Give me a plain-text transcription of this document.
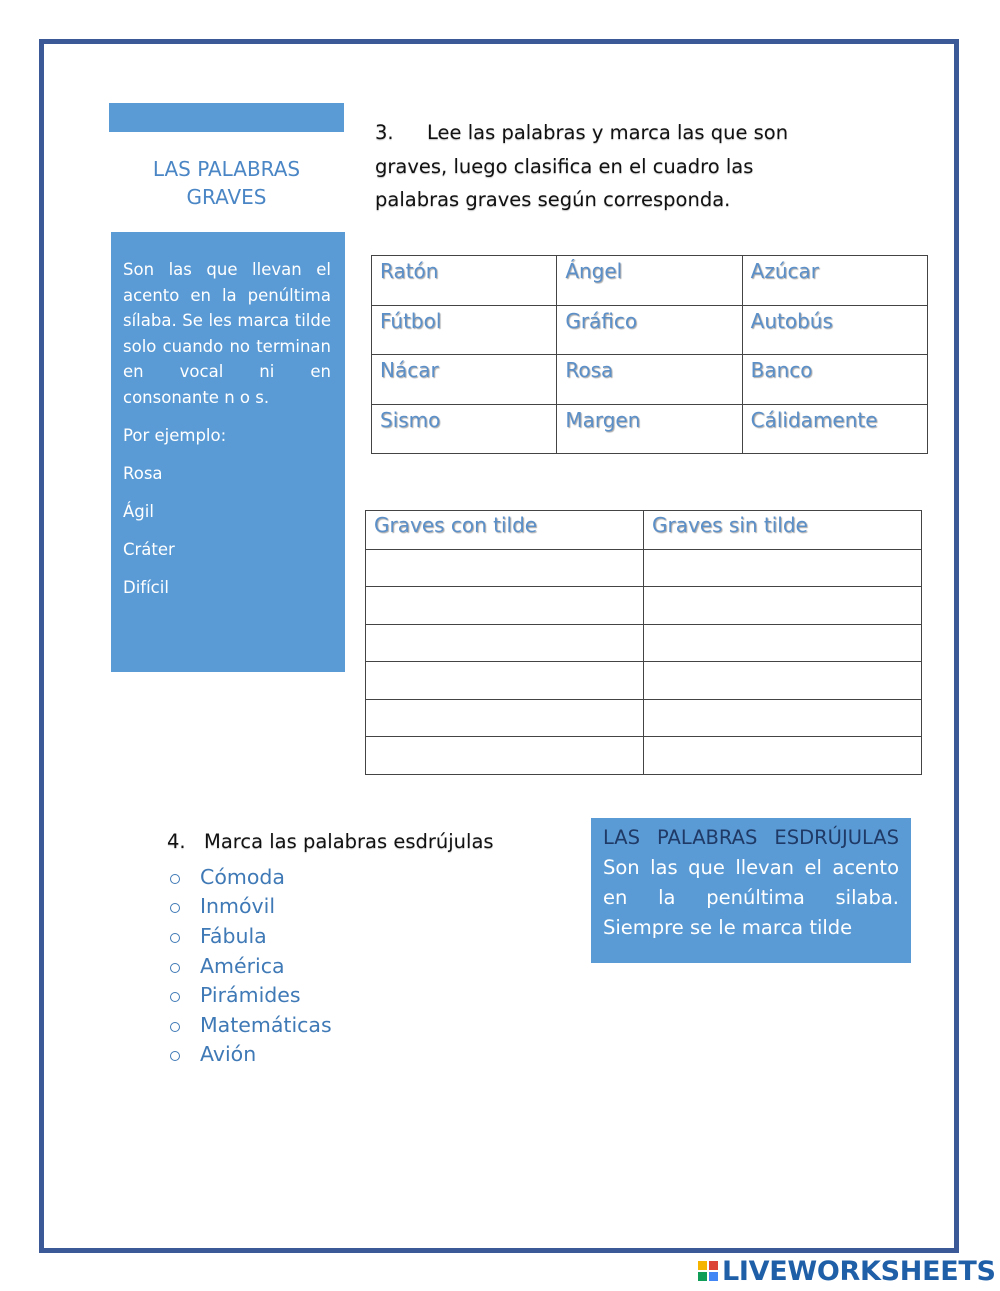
LAS PALABRAS
GRAVES

Son las que llevan el acento en la penúltima sílaba. Se les marca tilde solo cuando no terminan en vocal ni en consonante n o s.

Por ejemplo:

Rosa

Ágil

Cráter

Difícil

3. Lee las palabras y marca las que son
graves, luego clasifica en el cuadro las
palabras graves según corresponda.
Ratón	Ángel	Azúcar
Fútbol	Gráfico	Autobús
Nácar	Rosa	Banco
Sismo	Margen	Cálidamente
Graves con tilde	Graves sin tilde

4. Marca las palabras esdrújulas
Cómoda
Inmóvil
Fábula
América
Pirámides
Matemáticas
Avión
LAS PALABRAS ESDRÚJULAS
Son las que llevan el acento en la penúltima silaba. Siempre se le marca tilde
LIVEWORKSHEETS
